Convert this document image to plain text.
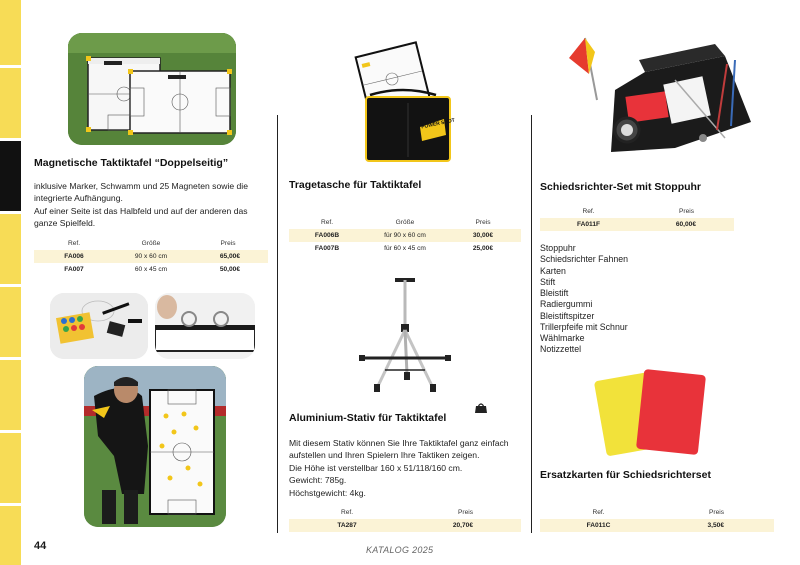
Magnetische Taktiktafel “Doppelseitig”
inklusive Marker, Schwamm und 25 Magneten sowie die
integrierte Aufhängung.
Auf einer Seite ist das Halbfeld und auf der anderen das
ganze Spielfeld.
Ref.	Größe	Preis
FA006	90 x 60 cm	65,00€
FA007	60 x 45 cm	50,00€
44
POWER SHOT
Tragetasche für Taktiktafel
Ref.	Größe	Preis
FA006B	für 90 x 60 cm	30,00€
FA007B	für 60 x 45 cm	25,00€
Aluminium-Stativ für Taktiktafel
Mit diesem Stativ können Sie Ihre Taktiktafel ganz einfach
aufstellen und Ihren Spielern Ihre Taktiken zeigen.
Die Höhe ist verstellbar 160 x 51/118/160 cm.
Gewicht: 785g.
Höchstgewicht: 4kg.
Ref.	Preis
TA287	20,70€
KATALOG 2025
Schiedsrichter-Set mit Stoppuhr
Ref.	Preis
FA011F	60,00€
Stoppuhr
Schiedsrichter Fahnen
Karten
Stift
Bleistift
Radiergummi
Bleistiftspitzer
Trillerpfeife mit Schnur
Wählmarke
Notizzettel
Ersatzkarten für Schiedsrichterset
Ref.	Preis
FA011C	3,50€
